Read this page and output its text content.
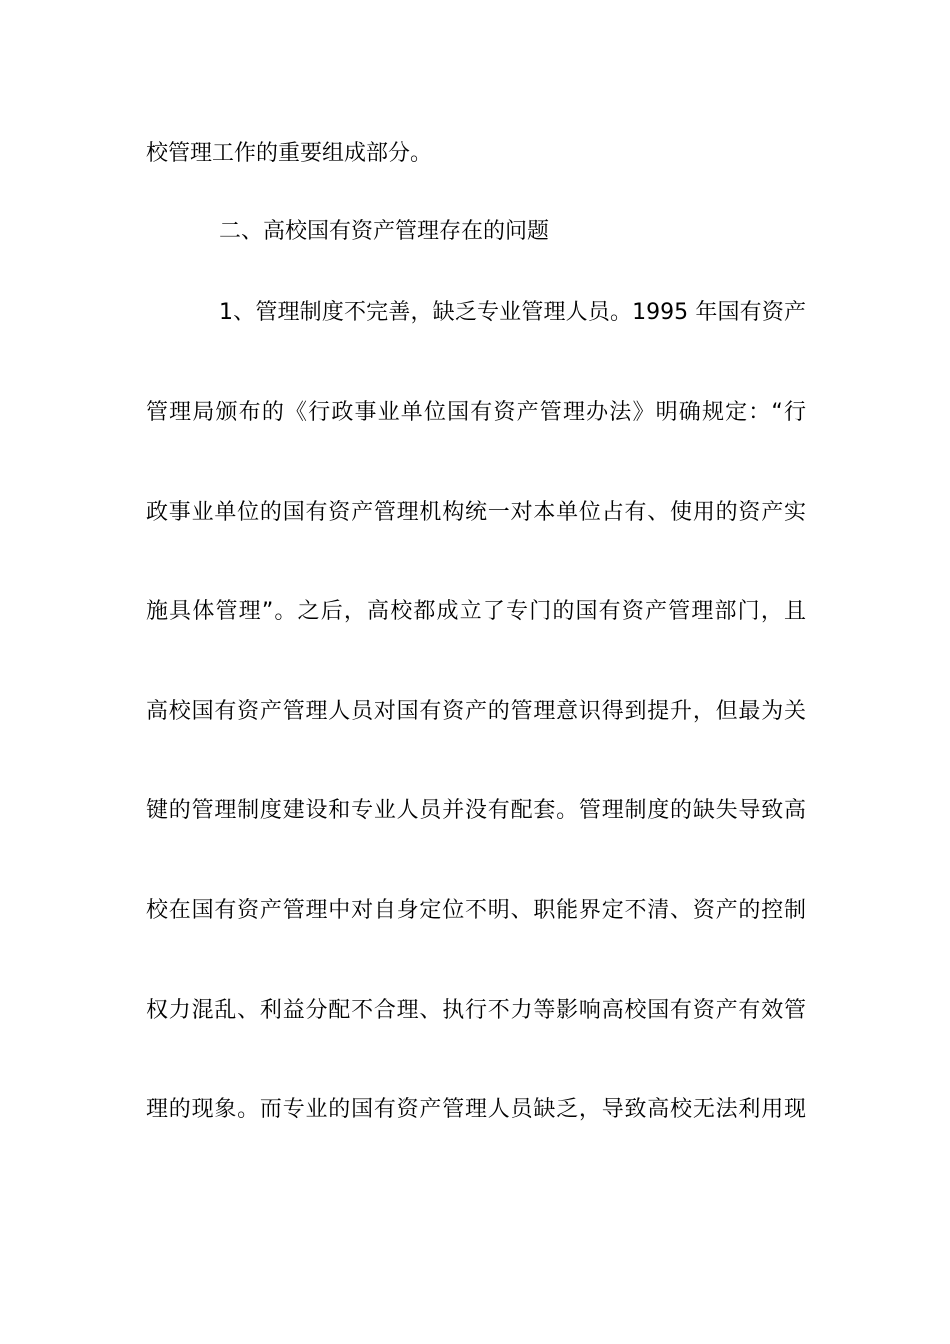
校管理工作的重要组成部分。
二、高校国有资产管理存在的问题
1、管理制度不完善，缺乏专业管理人员。1995 年国有资产
管理局颁布的《行政事业单位国有资产管理办法》明确规定：“行
政事业单位的国有资产管理机构统一对本单位占有、使用的资产实
施具体管理”。之后，高校都成立了专门的国有资产管理部门，且
高校国有资产管理人员对国有资产的管理意识得到提升，但最为关
键的管理制度建设和专业人员并没有配套。管理制度的缺失导致高
校在国有资产管理中对自身定位不明、职能界定不清、资产的控制
权力混乱、利益分配不合理、执行不力等影响高校国有资产有效管
理的现象。而专业的国有资产管理人员缺乏，导致高校无法利用现
